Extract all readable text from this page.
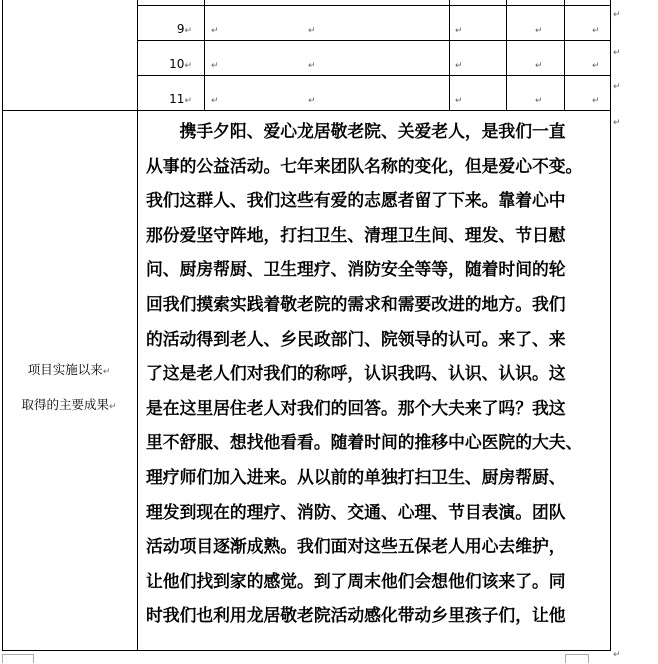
9↵ ↵	↵	↵	↵	↵
10↵ ↵	↵	↵	↵	↵
11↵ ↵	↵	↵	↵	↵
↵
↵
↵
↵
↵
项目实施以来↵
取得的主要成果↵
　　携手夕阳、爱心龙居敬老院、关爱老人，是我们一直
从事的公益活动。七年来团队名称的变化，但是爱心不变。
我们这群人、我们这些有爱的志愿者留了下来。靠着心中
那份爱坚守阵地，打扫卫生、清理卫生间、理发、节日慰
问、厨房帮厨、卫生理疗、消防安全等等，随着时间的轮
回我们摸索实践着敬老院的需求和需要改进的地方。我们
的活动得到老人、乡民政部门、院领导的认可。来了、来
了这是老人们对我们的称呼，认识我吗、认识、认识。这
是在这里居住老人对我们的回答。那个大夫来了吗？我这
里不舒服、想找他看看。随着时间的推移中心医院的大夫、
理疗师们加入进来。从以前的单独打扫卫生、厨房帮厨、
理发到现在的理疗、消防、交通、心理、节目表演。团队
活动项目逐渐成熟。我们面对这些五保老人用心去维护，
让他们找到家的感觉。到了周末他们会想他们该来了。同
时我们也利用龙居敬老院活动感化带动乡里孩子们，让他
